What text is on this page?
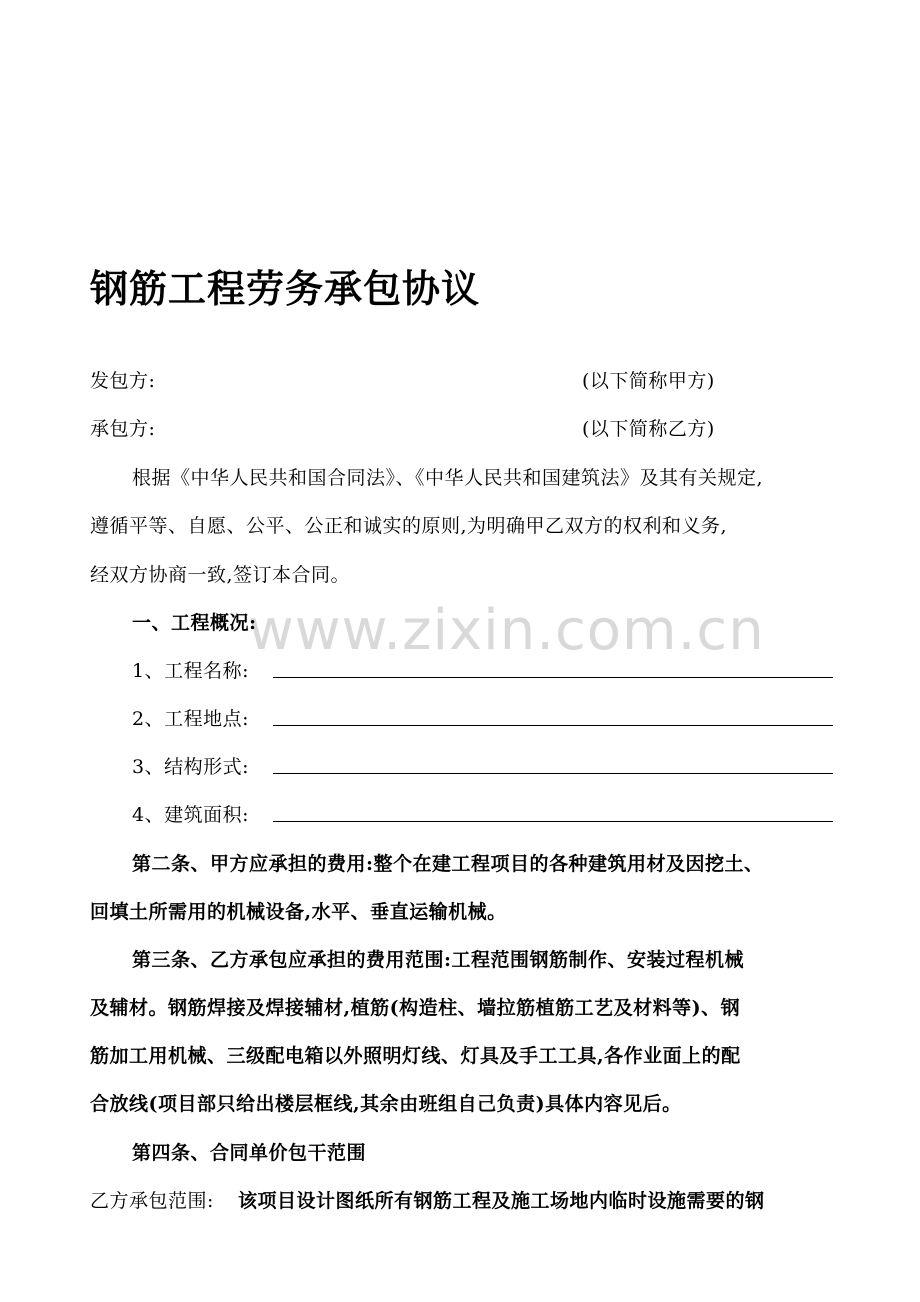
www.zixin.com.cn
钢筋工程劳务承包协议
发包方:	(以下简称甲方)
承包方:	(以下简称乙方)
根据《中华人民共和国合同法》、《中华人民共和国建筑法》及其有关规定,
遵循平等、自愿、公平、公正和诚实的原则,为明确甲乙双方的权利和义务,
经双方协商一致,签订本合同。
一、工程概况:
1、工程名称:
2、工程地点:
3、结构形式:
4、建筑面积:
第二条、甲方应承担的费用:整个在建工程项目的各种建筑用材及因挖土、
回填土所需用的机械设备,水平、垂直运输机械。
第三条、乙方承包应承担的费用范围:工程范围钢筋制作、安装过程机械
及辅材。钢筋焊接及焊接辅材,植筋(构造柱、墙拉筋植筋工艺及材料等)、钢
筋加工用机械、三级配电箱以外照明灯线、灯具及手工工具,各作业面上的配
合放线(项目部只给出楼层框线,其余由班组自己负责)具体内容见后。
第四条、合同单价包干范围
乙方承包范围: 该项目设计图纸所有钢筋工程及施工场地内临时设施需要的钢
